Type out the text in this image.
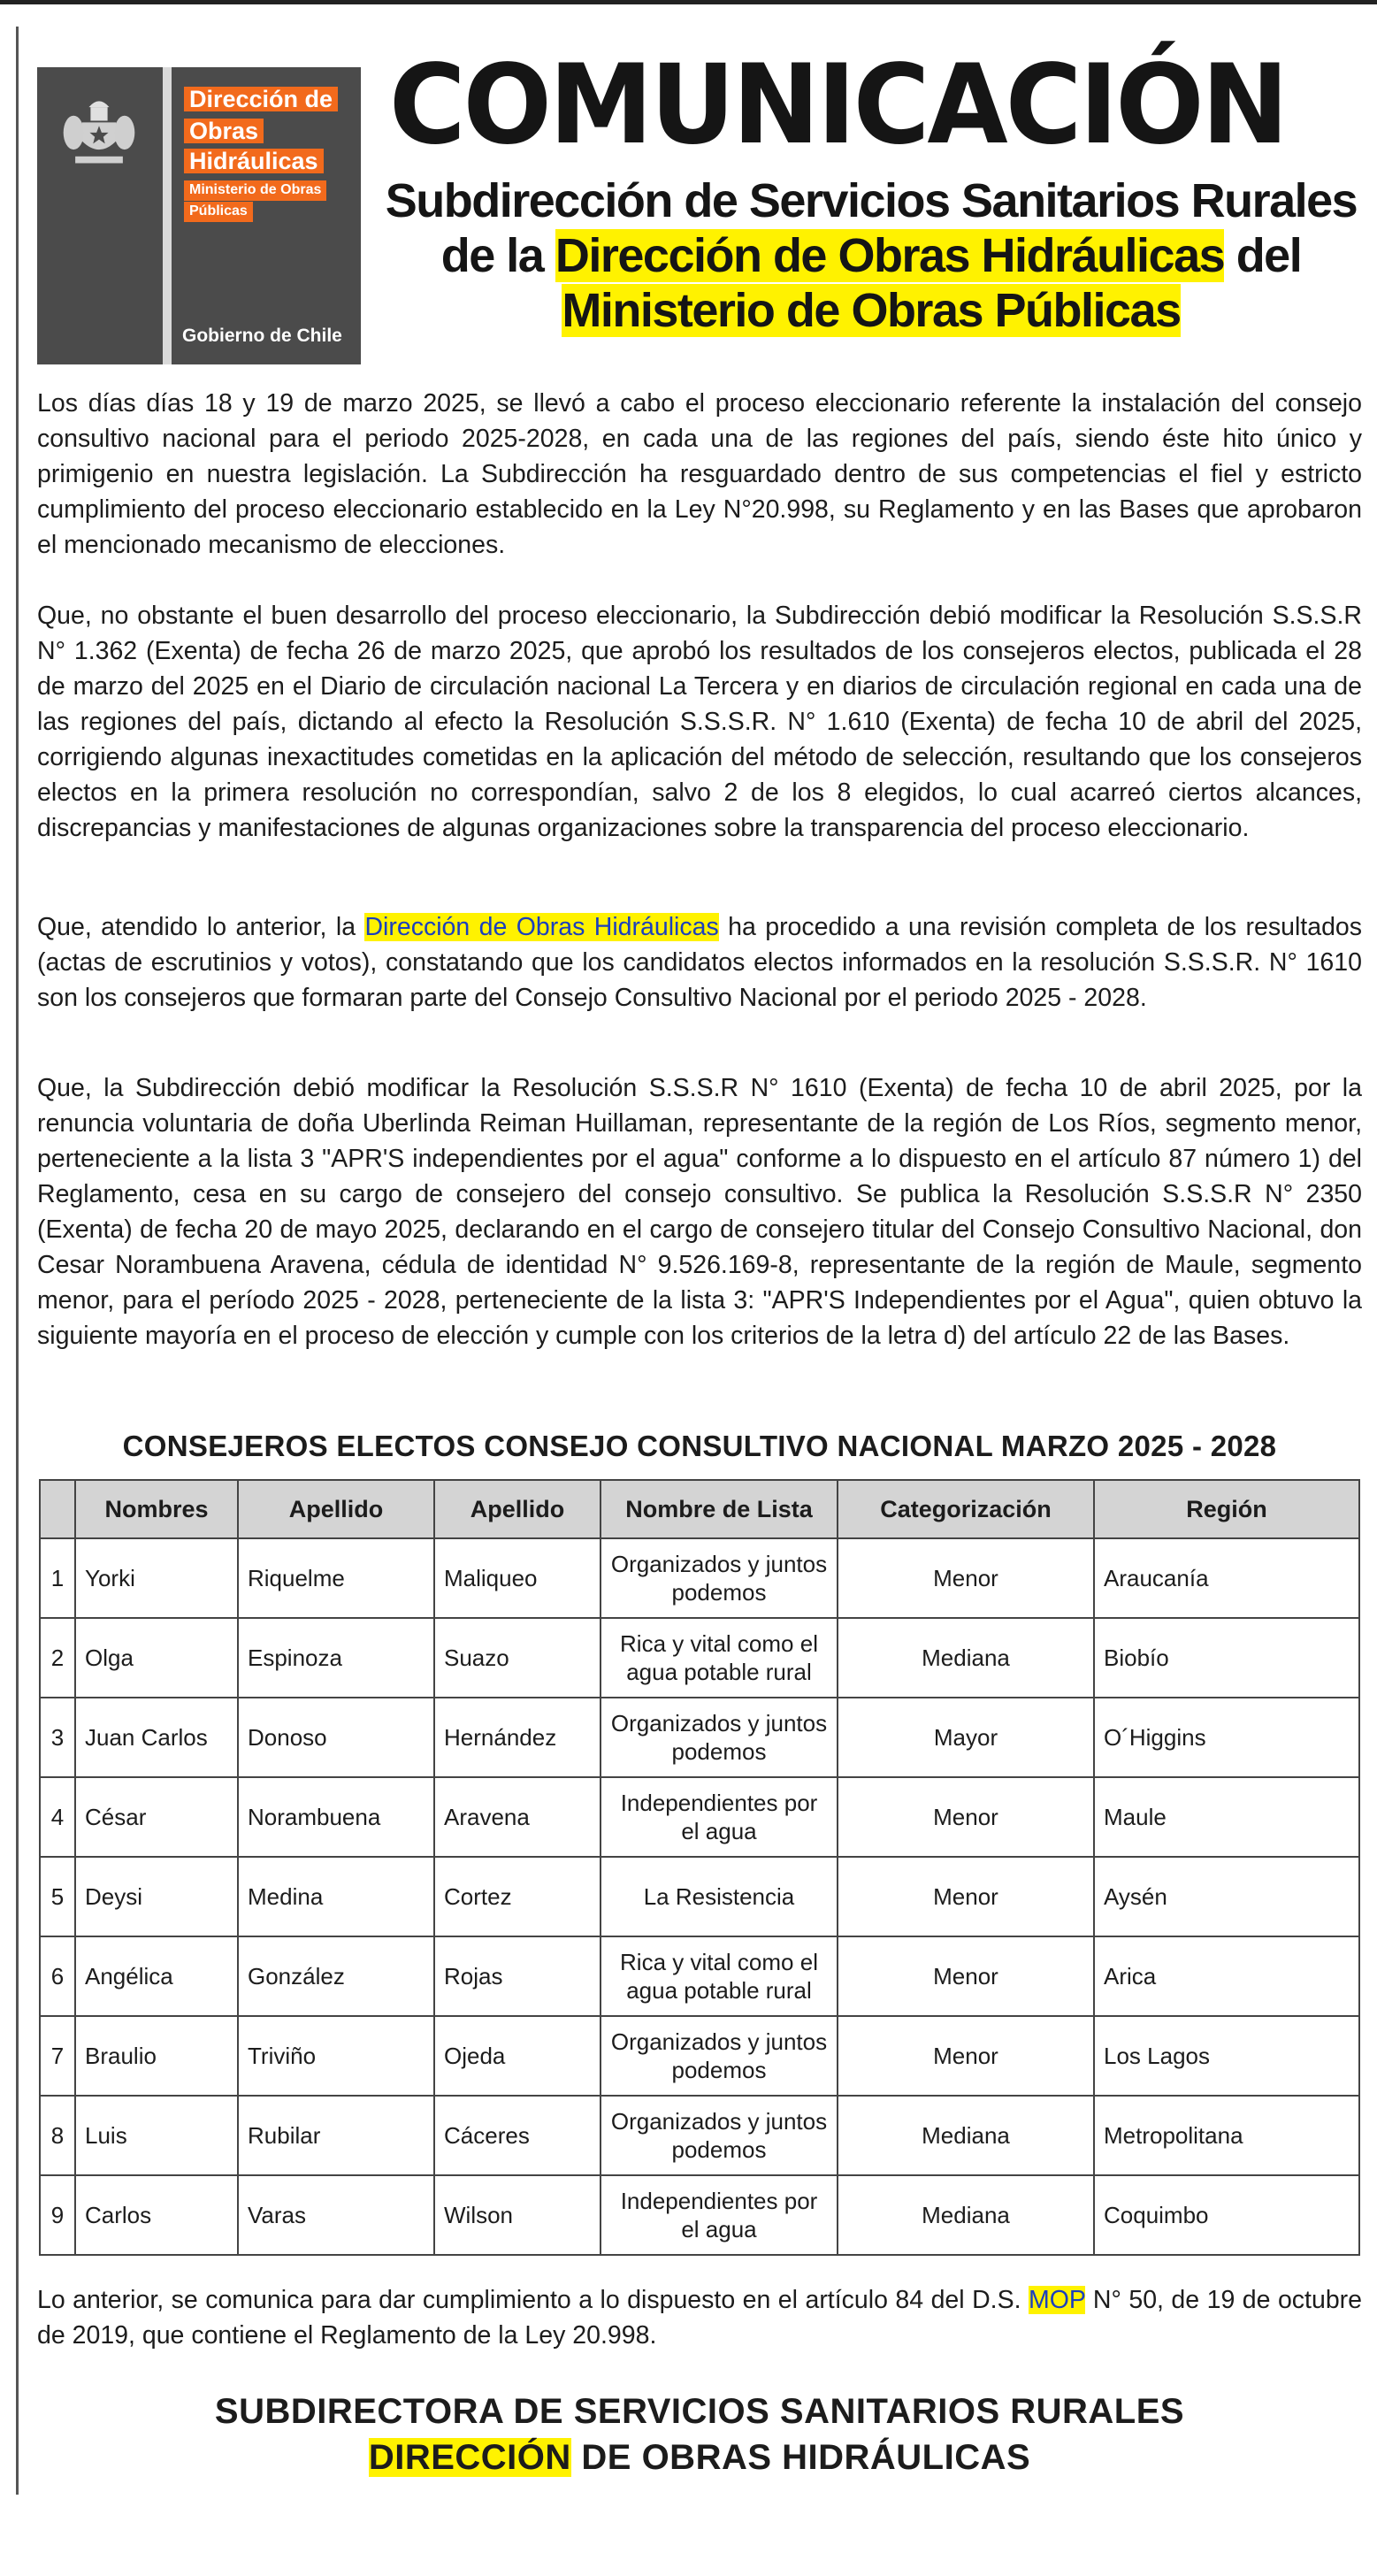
Dirección de
Obras
Hidráulicas
Ministerio de Obras
Públicas
Gobierno de Chile
COMUNICACIÓN
Subdirección de Servicios Sanitarios Rurales
de la Dirección de Obras Hidráulicas del
Ministerio de Obras Públicas

Los días días 18 y 19 de marzo 2025, se llevó a cabo el proceso eleccionario referente la instalación del consejo consultivo nacional para el periodo 2025-2028, en cada una de las regiones del país, siendo éste hito único y primigenio en nuestra legislación. La Subdirección ha resguardado dentro de sus competencias el fiel y estricto cumplimiento del proceso eleccionario establecido en la Ley N°20.998, su Reglamento y en las Bases que aprobaron el mencionado mecanismo de elecciones.

Que, no obstante el buen desarrollo del proceso eleccionario, la Subdirección debió modificar la Resolución S.S.S.R N° 1.362 (Exenta) de fecha 26 de marzo 2025, que aprobó los resultados de los consejeros electos, publicada el 28 de marzo del 2025 en el Diario de circulación nacional La Tercera y en diarios de circulación regional en cada una de las regiones del país, dictando al efecto la Resolución S.S.S.R. N° 1.610 (Exenta) de fecha 10 de abril del 2025, corrigiendo algunas inexactitudes cometidas en la aplicación del método de selección, resultando que los consejeros electos en la primera resolución no correspondían, salvo 2 de los 8 elegidos, lo cual acarreó ciertos alcances, discrepancias y manifestaciones de algunas organizaciones sobre la transparencia del proceso eleccionario.

Que, atendido lo anterior, la Dirección de Obras Hidráulicas ha procedido a una revisión completa de los resultados (actas de escrutinios y votos), constatando que los candidatos electos informados en la resolución S.S.S.R. N° 1610 son los consejeros que formaran parte del Consejo Consultivo Nacional por el periodo 2025 - 2028.

Que, la Subdirección debió modificar la Resolución S.S.S.R N° 1610 (Exenta) de fecha 10 de abril 2025, por la renuncia voluntaria de doña Uberlinda Reiman Huillaman, representante de la región de Los Ríos, segmento menor, perteneciente a la lista 3 "APR'S independientes por el agua" conforme a lo dispuesto en el artículo 87 número 1) del Reglamento, cesa en su cargo de consejero del consejo consultivo. Se publica la Resolución S.S.S.R N° 2350 (Exenta) de fecha 20 de mayo 2025, declarando en el cargo de consejero titular del Consejo Consultivo Nacional, don Cesar Norambuena Aravena, cédula de identidad N° 9.526.169-8, representante de la región de Maule, segmento menor, para el período 2025 - 2028, perteneciente de la lista 3: "APR'S Independientes por el Agua", quien obtuvo la siguiente mayoría en el proceso de elección y cumple con los criterios de la letra d) del artículo 22 de las Bases.

CONSEJEROS ELECTOS CONSEJO CONSULTIVO NACIONAL MARZO 2025 - 2028
	Nombres	Apellido	Apellido	Nombre de Lista	Categorización	Región
1	Yorki	Riquelme	Maliqueo	Organizados y juntos podemos	Menor	Araucanía
2	Olga	Espinoza	Suazo	Rica y vital como el agua potable rural	Mediana	Biobío
3	Juan Carlos	Donoso	Hernández	Organizados y juntos podemos	Mayor	O´Higgins
4	César	Norambuena	Aravena	Independientes por el agua	Menor	Maule
5	Deysi	Medina	Cortez	La Resistencia	Menor	Aysén
6	Angélica	González	Rojas	Rica y vital como el agua potable rural	Menor	Arica
7	Braulio	Triviño	Ojeda	Organizados y juntos podemos	Menor	Los Lagos
8	Luis	Rubilar	Cáceres	Organizados y juntos podemos	Mediana	Metropolitana
9	Carlos	Varas	Wilson	Independientes por el agua	Mediana	Coquimbo

Lo anterior, se comunica para dar cumplimiento a lo dispuesto en el artículo 84 del D.S. MOP N° 50, de 19 de octubre de 2019, que contiene el Reglamento de la Ley 20.998.

SUBDIRECTORA DE SERVICIOS SANITARIOS RURALES
DIRECCIÓN DE OBRAS HIDRÁULICAS
